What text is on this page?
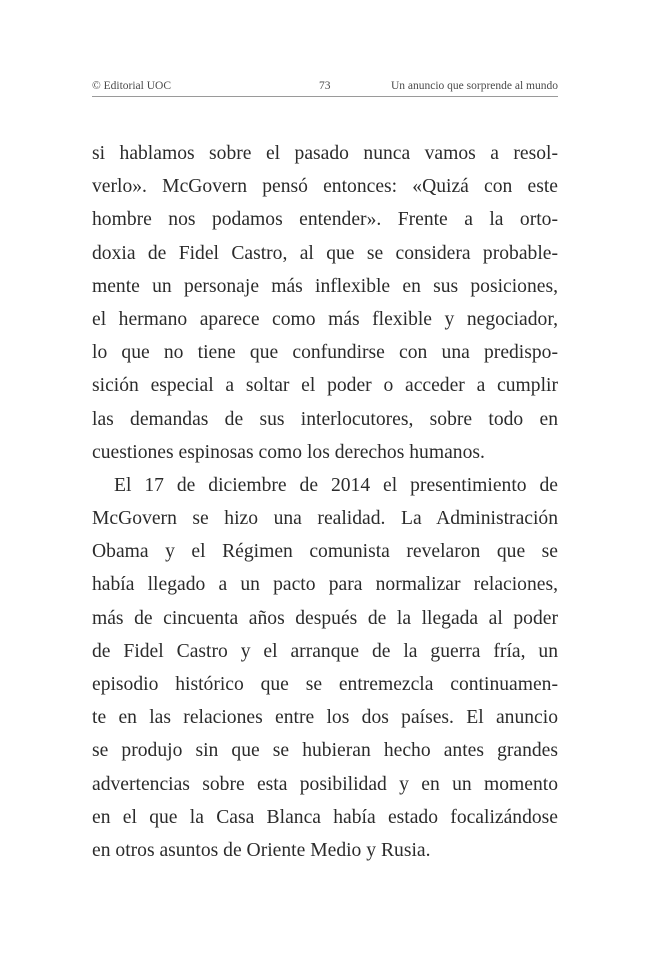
© Editorial UOC	73	Un anuncio que sorprende al mundo
si hablamos sobre el pasado nunca vamos a resol-
verlo». McGovern pensó entonces: «Quizá con este
hombre nos podamos entender». Frente a la orto-
doxia de Fidel Castro, al que se considera probable-
mente un personaje más inflexible en sus posiciones,
el hermano aparece como más flexible y negociador,
lo que no tiene que confundirse con una predispo-
sición especial a soltar el poder o acceder a cumplir
las demandas de sus interlocutores, sobre todo en
cuestiones espinosas como los derechos humanos.
El 17 de diciembre de 2014 el presentimiento de
McGovern se hizo una realidad. La Administración
Obama y el Régimen comunista revelaron que se
había llegado a un pacto para normalizar relaciones,
más de cincuenta años después de la llegada al poder
de Fidel Castro y el arranque de la guerra fría, un
episodio histórico que se entremezcla continuamen-
te en las relaciones entre los dos países. El anuncio
se produjo sin que se hubieran hecho antes grandes
advertencias sobre esta posibilidad y en un momento
en el que la Casa Blanca había estado focalizándose
en otros asuntos de Oriente Medio y Rusia.
